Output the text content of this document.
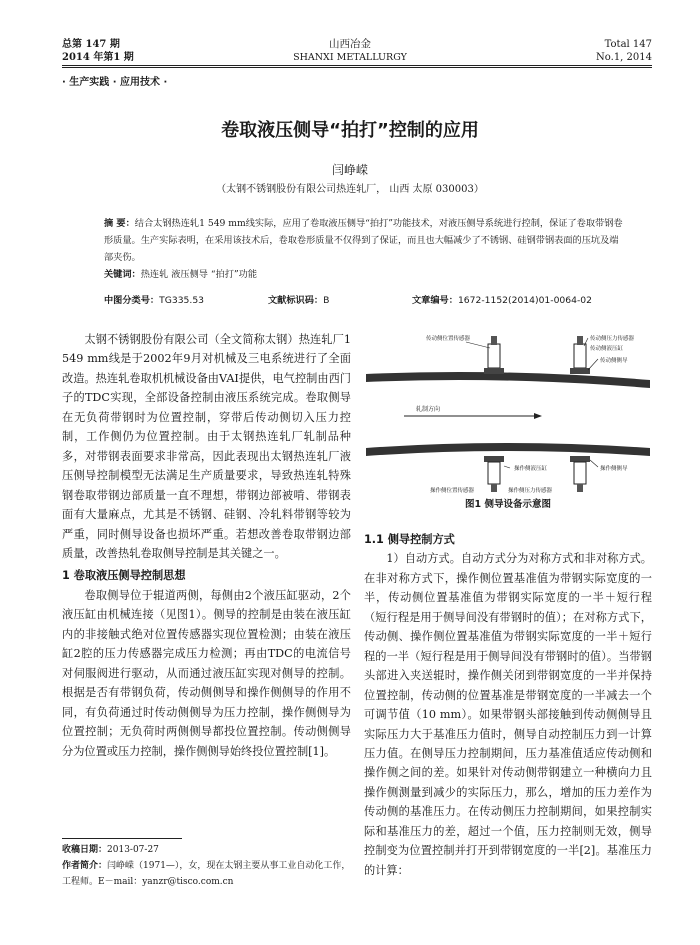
总第 147 期
2014 年第1 期
山西冶金
SHANXI METALLURGY
Total 147
No.1, 2014
· 生产实践 · 应用技术 ·
卷取液压侧导“拍打”控制的应用
闫峥嵘
（太钢不锈钢股份有限公司热连轧厂， 山西 太原 030003）
摘 要：结合太钢热连轧1 549 mm线实际，应用了卷取液压侧导“拍打”功能技术，对液压侧导系统进行控制，保证了卷取带钢卷形质量。生产实际表明，在采用该技术后，卷取卷形质量不仅得到了保证，而且也大幅减少了不锈钢、硅钢带钢表面的压坑及端部夹伤。
关键词：热连轧 液压侧导 “拍打”功能
中图分类号：TG335.53	文献标识码：B	文章编号：1672-1152(2014)01-0064-02

太钢不锈钢股份有限公司（全文简称太钢）热连轧厂1 549 mm线是于2002年9月对机械及三电系统进行了全面改造。热连轧卷取机机械设备由VAI提供，电气控制由西门子的TDC实现，全部设备控制由液压系统完成。卷取侧导在无负荷带钢时为位置控制，穿带后传动侧切入压力控制，工作侧仍为位置控制。由于太钢热连轧厂轧制品种多，对带钢表面要求非常高，因此表现出太钢热连轧厂液压侧导控制模型无法满足生产质量要求，导致热连轧特殊钢卷取带钢边部质量一直不理想，带钢边部被啃、带钢表面有大量麻点，尤其是不锈钢、硅钢、冷轧料带钢等较为严重，同时侧导设备也损坏严重。若想改善卷取带钢边部质量，改善热轧卷取侧导控制是其关键之一。

1 卷取液压侧导控制思想

卷取侧导位于辊道两侧，每侧由2个液压缸驱动，2个液压缸由机械连接（见图1）。侧导的控制是由装在液压缸内的非接触式绝对位置传感器实现位置检测；由装在液压缸2腔的压力传感器完成压力检测；再由TDC的电流信号对伺服阀进行驱动，从而通过液压缸实现对侧导的控制。根据是否有带钢负荷，传动侧侧导和操作侧侧导的作用不同，有负荷通过时传动侧侧导为压力控制，操作侧侧导为位置控制；无负荷时两侧侧导都投位置控制。传动侧侧导分为位置或压力控制，操作侧侧导始终投位置控制[1]。

收稿日期：2013-07-27
作者简介：闫峥嵘（1971—），女，现在太钢主要从事工业自动化工作，工程师。E－mail：yanzr@tisco.com.cn
轧制方向
传动侧位置传感器	传动侧压力传感器
传动侧液压缸
传动侧侧导
操作侧液压缸	操作侧侧导
操作侧位置传感器	操作侧压力传感器
图1 侧导设备示意图
1.1 侧导控制方式

1）自动方式。自动方式分为对称方式和非对称方式。在非对称方式下，操作侧位置基准值为带钢实际宽度的一半，传动侧位置基准值为带钢实际宽度的一半＋短行程（短行程是用于侧导间没有带钢时的值）；在对称方式下，传动侧、操作侧位置基准值为带钢实际宽度的一半＋短行程的一半（短行程是用于侧导间没有带钢时的值）。当带钢头部进入夹送辊时，操作侧关闭到带钢宽度的一半并保持位置控制，传动侧的位置基准是带钢宽度的一半减去一个可调节值（10 mm）。如果带钢头部接触到传动侧侧导且实际压力大于基准压力值时，侧导自动控制压力到一计算压力值。在侧导压力控制期间，压力基准值适应传动侧和操作侧之间的差。如果针对传动侧带钢建立一种横向力且操作侧测量到减少的实际压力，那么，增加的压力差作为传动侧的基准压力。在传动侧压力控制期间，如果控制实际和基准压力的差，超过一个值，压力控制则无效，侧导控制变为位置控制并打开到带钢宽度的一半[2]。基准压力的计算：
